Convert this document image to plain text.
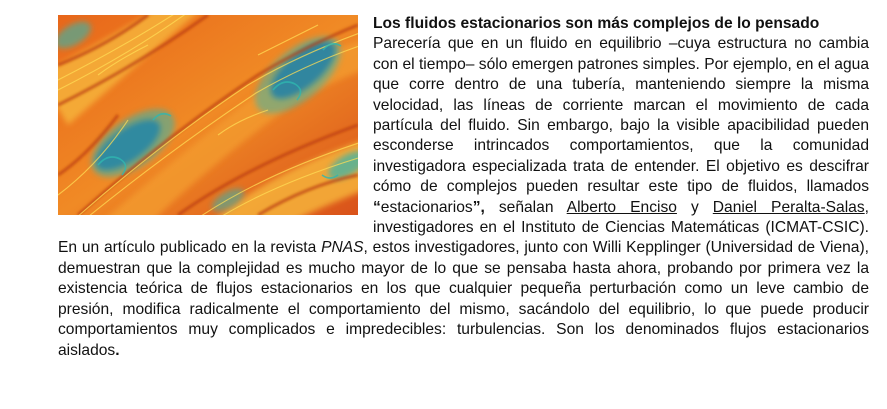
Los fluidos estacionarios son más complejos de lo pensado
Parecería que en un fluido en equilibrio –cuya estructura no cambia con el tiempo– sólo emergen patrones simples. Por ejemplo, en el agua que corre dentro de una tubería, manteniendo siempre la misma velocidad, las líneas de corriente marcan el movimiento de cada partícula del fluido. Sin embargo, bajo la visible apacibilidad pueden esconderse intrincados comportamientos, que la comunidad investigadora especializada trata de entender. El objetivo es descifrar cómo de complejos pueden resultar este tipo de fluidos, llamados “estacionarios”, señalan Alberto Enciso y Daniel Peralta-Salas, investigadores en el Instituto de Ciencias Matemáticas (ICMAT-CSIC). En un artículo publicado en la revista PNAS, estos investigadores, junto con Willi Kepplinger (Universidad de Viena), demuestran que la complejidad es mucho mayor de lo que se pensaba hasta ahora, probando por primera vez la existencia teórica de flujos estacionarios en los que cualquier pequeña perturbación como un leve cambio de presión, modifica radicalmente el comportamiento del mismo, sacándolo del equilibrio, lo que puede producir comportamientos muy complicados e impredecibles: turbulencias. Son los denominados flujos estacionarios aislados.
